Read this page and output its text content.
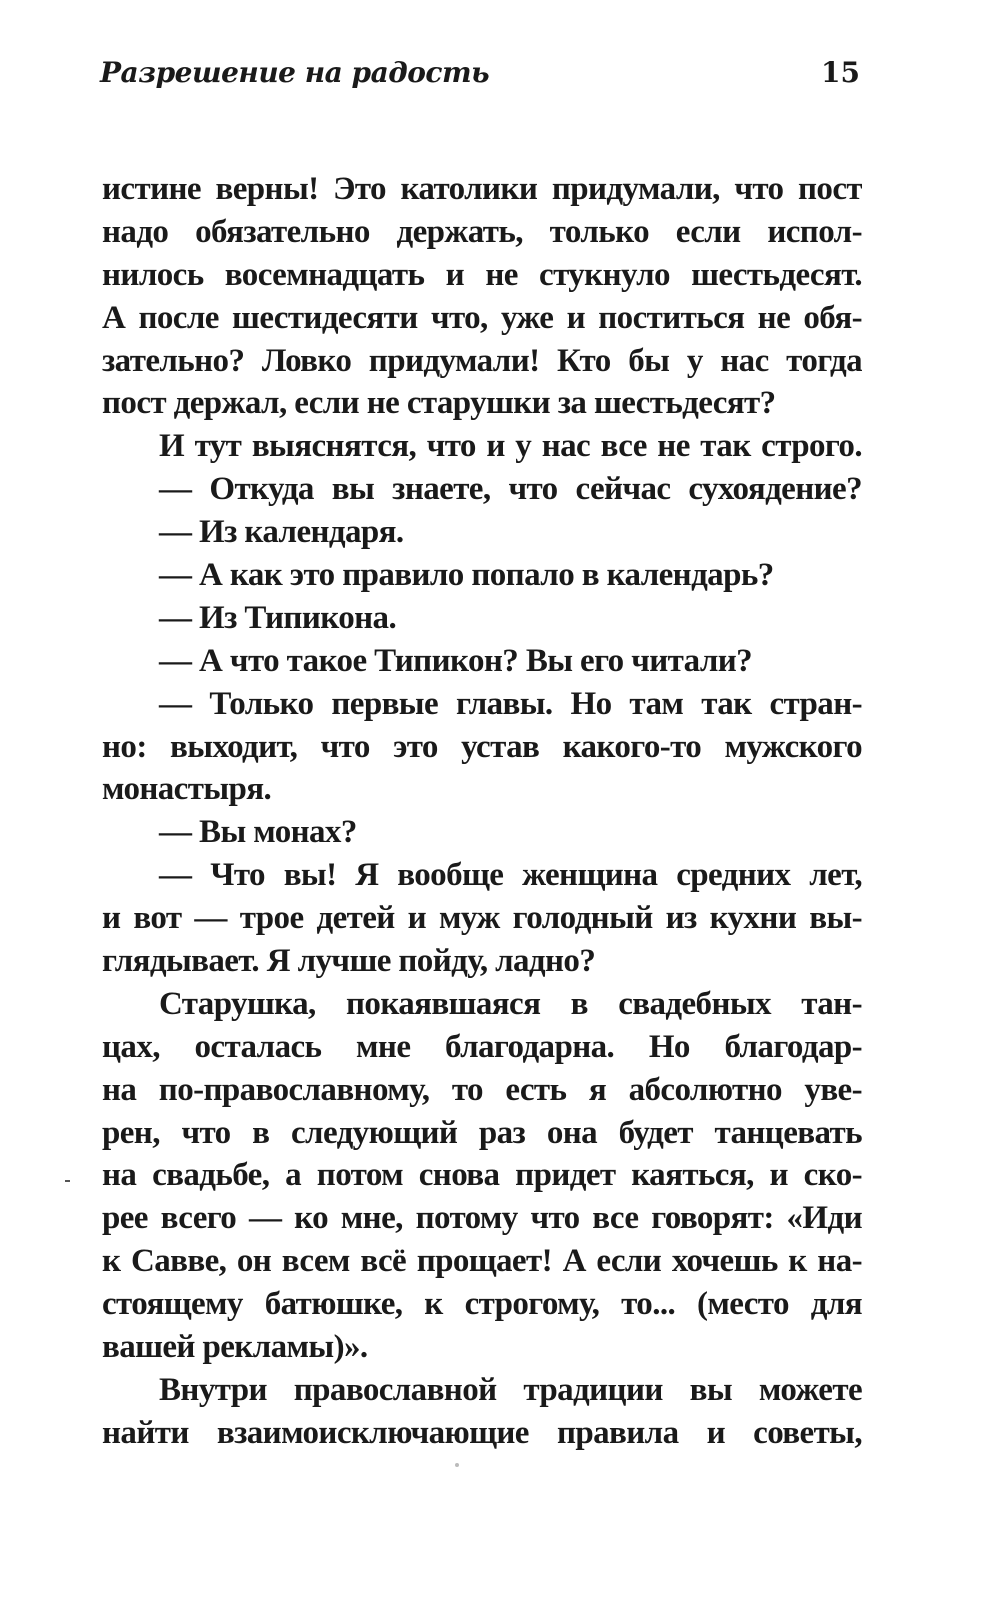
Разрешение на радость	15
истине верны! Это католики придумали, что пост
надо обязательно держать, только если испол-
нилось восемнадцать и не стукнуло шестьдесят.
А после шестидесяти что, уже и поститься не обя-
зательно? Ловко придумали! Кто бы у нас тогда
пост держал, если не старушки за шестьдесят?
И тут выяснятся, что и у нас все не так строго.
— Откуда вы знаете, что сейчас сухоядение?
— Из календаря.
— А как это правило попало в календарь?
— Из Типикона.
— А что такое Типикон? Вы его читали?
— Только первые главы. Но там так стран-
но: выходит, что это устав какого-то мужского
монастыря.
— Вы монах?
— Что вы! Я вообще женщина средних лет,
и вот — трое детей и муж голодный из кухни вы-
глядывает. Я лучше пойду, ладно?
Старушка, покаявшаяся в свадебных тан-
цах, осталась мне благодарна. Но благодар-
на по-православному, то есть я абсолютно уве-
рен, что в следующий раз она будет танцевать
на свадьбе, а потом снова придет каяться, и ско-
рее всего — ко мне, потому что все говорят: «Иди
к Савве, он всем всё прощает! А если хочешь к на-
стоящему батюшке, к строгому, то... (место для
вашей рекламы)».
Внутри православной традиции вы можете
найти взаимоисключающие правила и советы,
